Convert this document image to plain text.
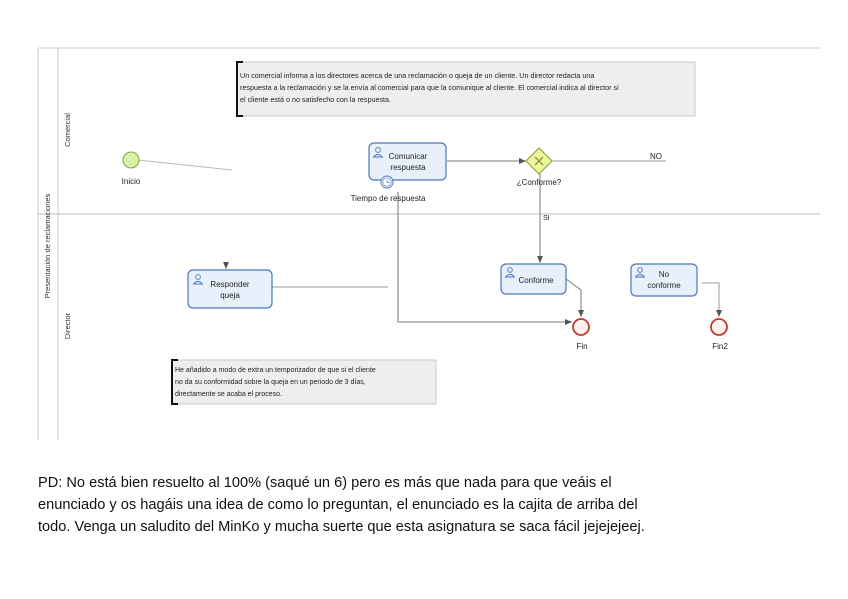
Presentación de reclamaciones
Comercial
Director
Un comercial informa a los directores acerca de una reclamación o queja de un cliente. Un director redacta una
respuesta a la reclamación y se la envía al comercial para que la comunique al cliente. El comercial indica al director si
el cliente está o no satisfecho con la respuesta.
He añadido a modo de extra un temporizador de que si el cliente
no da su conformidad sobre la queja en un periodo de 3 días,
directamente se acaba el proceso.
Inicio
Comunicar
respuesta
Tiempo de respuesta
¿Conforme?
NO
SI
Responder
queja
Conforme
No
conforme
Fin	Fin2
PD: No está bien resuelto al 100% (saqué un 6) pero es más que nada para que veáis el
enunciado y os hagáis una idea de como lo preguntan, el enunciado es la cajita de arriba del
todo. Venga un saludito del MinKo y mucha suerte que esta asignatura se saca fácil jejejejeej.
